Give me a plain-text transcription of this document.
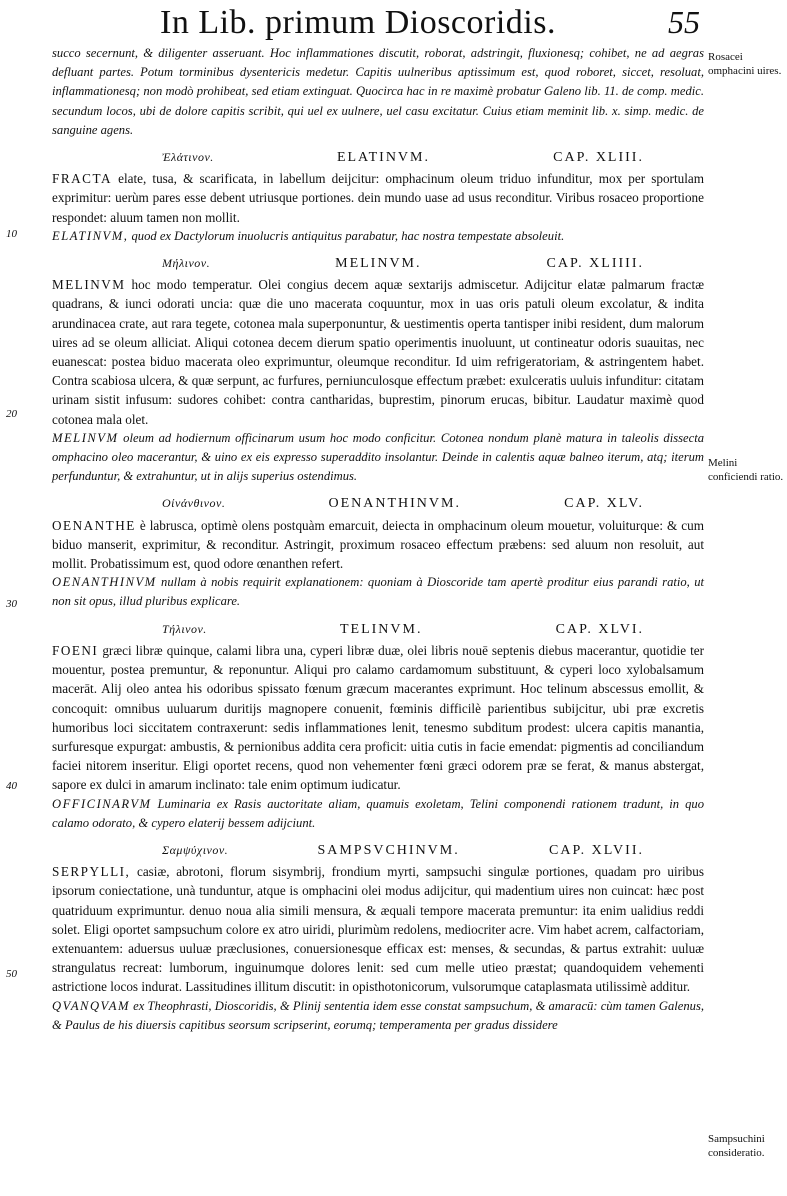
In Lib. primum Dioscoridis.	55
Rosacei omphacini uires.
Melini conficiendi ratio.
Sampsuchini consideratio.
10
20
30
40
50

succo secernunt, & diligenter asseruant. Hoc inflammationes discutit, roborat, adstringit, fluxionesq; cohibet, ne ad aegras defluant partes. Potum torminibus dysentericis medetur. Capitis uulneribus aptissimum est, quod roboret, siccet, resoluat, inflammationesq; non modò prohibeat, sed etiam extinguat. Quocirca hac in re maximè probatur Galeno lib. 11. de comp. medic. secundum locos, ubi de dolore capitis scribit, qui uel ex uulnere, uel casu excitatur. Cuius etiam meminit lib. x. simp. medic. de sanguine agens.

Ἐλάτινον.	ELATINVM.	CAP. XLIII.

FRACTA elate, tusa, & scarificata, in labellum deijcitur: omphacinum oleum triduo infunditur, mox per sportulam exprimitur: uerùm pares esse debent utriusque portiones. dein mundo uase ad usus reconditur. Viribus rosaceo proportione respondet: aluum tamen non mollit.

ELATINVM, quod ex Dactylorum inuolucris antiquitus parabatur, hac nostra tempestate absoleuit.

Μήλινον.	MELINVM.	CAP. XLIIII.

MELINVM hoc modo temperatur. Olei congius decem aquæ sextarijs admiscetur. Adijcitur elatæ palmarum fractæ quadrans, & iunci odorati uncia: quæ die uno macerata coquuntur, mox in uas oris patuli oleum excolatur, & indita arundinacea crate, aut rara tegete, cotonea mala superponuntur, & uestimentis operta tantisper inibi resident, dum malorum uires ad se oleum alliciat. Aliqui cotonea decem dierum spatio operimentis inuoluunt, ut contineatur odoris suauitas, nec euanescat: postea biduo macerata oleo exprimuntur, oleumque reconditur. Id uim refrigeratoriam, & astringentem habet. Contra scabiosa ulcera, & quæ serpunt, ac furfures, perniunculosque effectum præbet: exulceratis uuluis infunditur: citatam urinam sistit infusum: sudores cohibet: contra cantharidas, buprestim, pinorum erucas, bibitur. Laudatur maximè quod cotonea mala olet.

MELINVM oleum ad hodiernum officinarum usum hoc modo conficitur. Cotonea nondum planè matura in taleolis dissecta omphacino oleo macerantur, & uino ex eis expresso superaddito insolantur. Deinde in calentis aquæ balneo iterum, atq; iterum perfunduntur, & extrahuntur, ut in alijs superius ostendimus.

Οἰνάνθινον.	OENANTHINVM.	CAP. XLV.

OENANTHE è labrusca, optimè olens postquàm emarcuit, deiecta in omphacinum oleum mouetur, voluiturque: & cum biduo manserit, exprimitur, & reconditur. Astringit, proximum rosaceo effectum præbens: sed aluum non resoluit, aut mollit. Probatissimum est, quod odore œnanthen refert.

OENANTHINVM nullam à nobis requirit explanationem: quoniam à Dioscoride tam apertè proditur eius parandi ratio, ut non sit opus, illud pluribus explicare.

Τήλινον.	TELINVM.	CAP. XLVI.

FOENI græci libræ quinque, calami libra una, cyperi libræ duæ, olei libris nouē septenis diebus macerantur, quotidie ter mouentur, postea premuntur, & reponuntur. Aliqui pro calamo cardamomum substituunt, & cyperi loco xylobalsamum macerāt. Alij oleo antea his odoribus spissato fœnum græcum macerantes exprimunt. Hoc telinum abscessus emollit, & concoquit: omnibus uuluarum duritijs magnopere conuenit, fœminis difficilè parientibus subijcitur, ubi præ excretis humoribus loci siccitatem contraxerunt: sedis inflammationes lenit, tenesmo subditum prodest: ulcera capitis manantia, surfuresque expurgat: ambustis, & pernionibus addita cera proficit: uitia cutis in facie emendat: pigmentis ad conciliandum faciei nitorem inseritur. Eligi oportet recens, quod non vehementer fœni græci odorem præ se ferat, & manus abstergat, sapore ex dulci in amarum inclinato: tale enim optimum iudicatur.

OFFICINARVM Luminaria ex Rasis auctoritate aliam, quamuis exoletam, Telini componendi rationem tradunt, in quo calamo odorato, & cypero elaterij bessem adijciunt.

Σαμψύχινον.	SAMPSVCHINVM.	CAP. XLVII.

SERPYLLI, casiæ, abrotoni, florum sisymbrij, frondium myrti, sampsuchi singulæ portiones, quadam pro uiribus ipsorum coniectatione, unà tunduntur, atque is omphacini olei modus adijcitur, qui madentium uires non cuincat: hæc post quatriduum exprimuntur. denuo noua alia simili mensura, & æquali tempore macerata premuntur: ita enim ualidius reddi solet. Eligi oportet sampsuchum colore ex atro uiridi, plurimùm redolens, mediocriter acre. Vim habet acrem, calfactoriam, extenuantem: aduersus uuluæ præclusiones, conuersionesque efficax est: menses, & secundas, & partus extrahit: uuluæ strangulatus recreat: lumborum, inguinumque dolores lenit: sed cum melle utieo præstat; quandoquidem vehementi astrictione locos indurat. Lassitudines illitum discutit: in opisthotonicorum, vulsorumque cataplasmata utilissimè additur.

QVANQVAM ex Theophrasti, Dioscoridis, & Plinij sententia idem esse constat sampsuchum, & amaracū: cùm tamen Galenus, & Paulus de his diuersis capitibus seorsum scripserint, eorumq; temperamenta per gradus dissidere
